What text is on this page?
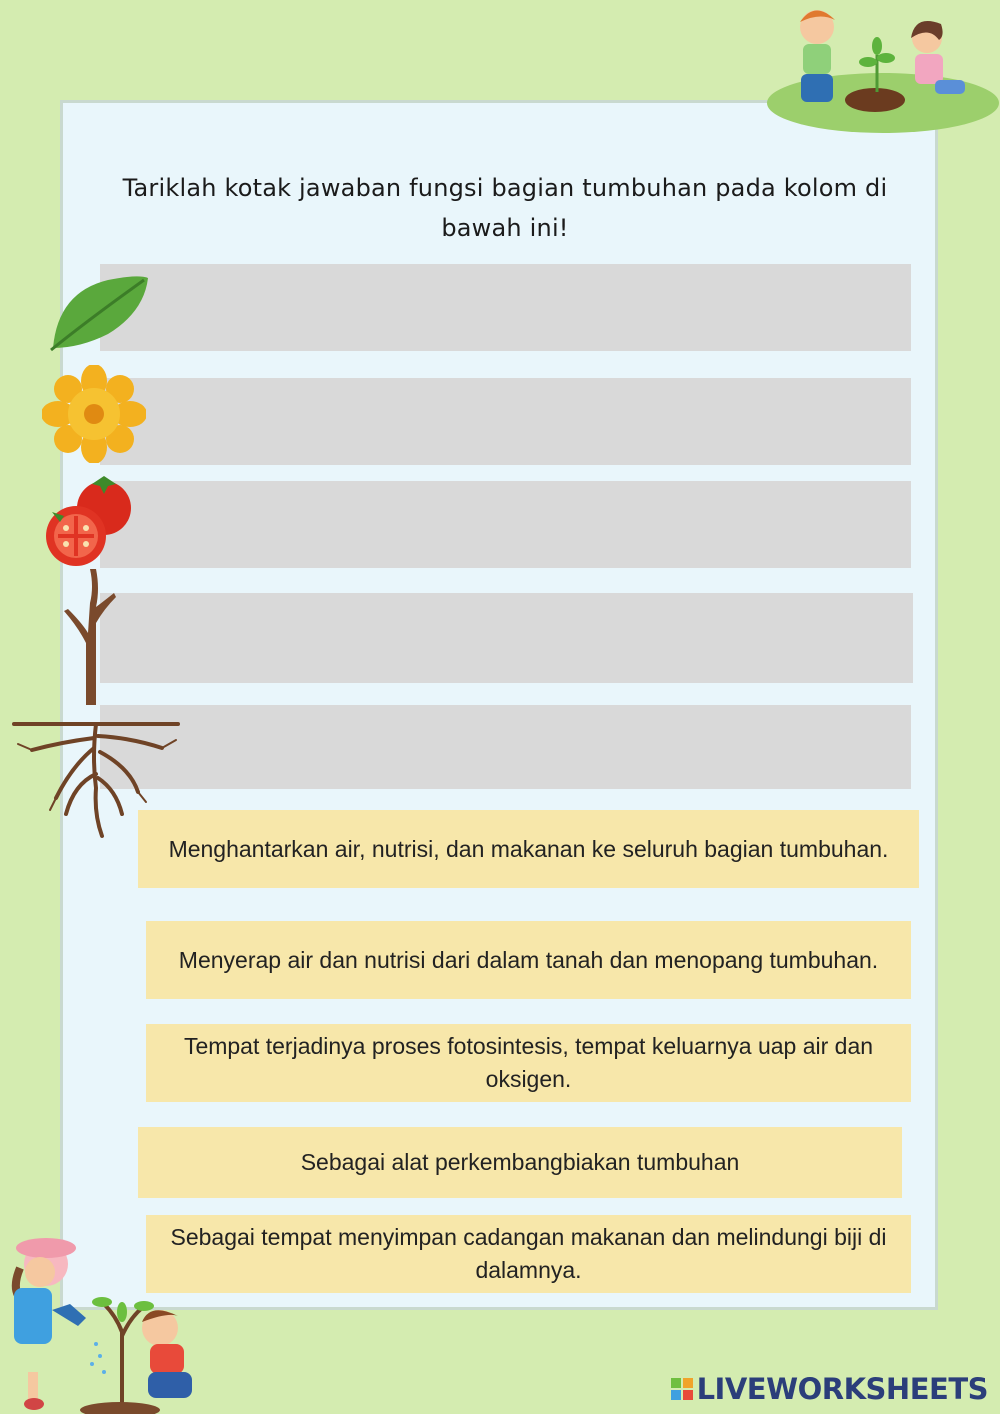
Tariklah kotak jawaban fungsi bagian tumbuhan pada kolom di bawah ini!
Menghantarkan air, nutrisi, dan makanan ke seluruh bagian tumbuhan.
Menyerap air dan nutrisi dari dalam tanah dan menopang tumbuhan.
Tempat terjadinya proses fotosintesis, tempat keluarnya uap air dan oksigen.
Sebagai alat perkembangbiakan tumbuhan
Sebagai tempat menyimpan cadangan makanan dan melindungi biji di dalamnya.
LIVEWORKSHEETS
